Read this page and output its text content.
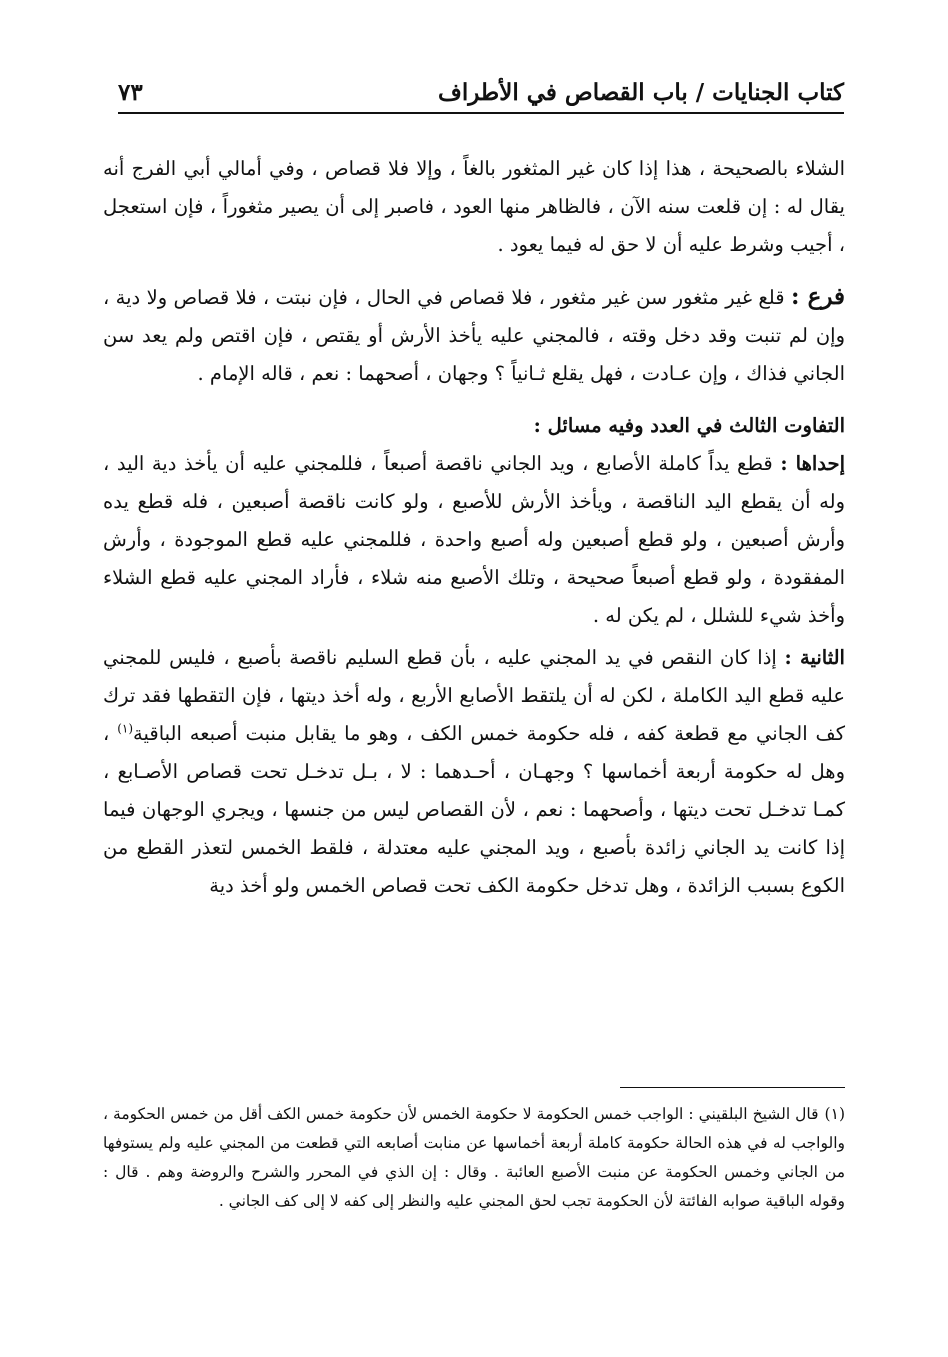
كتاب الجنايات / باب القصاص في الأطراف
٧٣

الشلاء بالصحيحة ، هذا إذا كان غير المثغور بالغاً ، وإلا فلا قصاص ، وفي أمالي أبي الفرج أنه يقال له : إن قلعت سنه الآن ، فالظاهر منها العود ، فاصبر إلى أن يصير مثغوراً ، فإن استعجل ، أجيب وشرط عليه أن لا حق له فيما يعود .

فرع : قلع غير مثغور سن غير مثغور ، فلا قصاص في الحال ، فإن نبتت ، فلا قصاص ولا دية ، وإن لم تنبت وقد دخل وقته ، فالمجني عليه يأخذ الأرش أو يقتص ، فإن اقتص ولم يعد سن الجاني فذاك ، وإن عـادت ، فهل يقلع ثـانياً ؟ وجهان ، أصحهما : نعم ، قاله الإمام .

التفاوت الثالث في العدد وفيه مسائل :

إحداها : قطع يداً كاملة الأصابع ، ويد الجاني ناقصة أصبعاً ، فللمجني عليه أن يأخذ دية اليد ، وله أن يقطع اليد الناقصة ، ويأخذ الأرش للأصبع ، ولو كانت ناقصة أصبعين ، فله قطع يده وأرش أصبعين ، ولو قطع أصبعين وله أصبع واحدة ، فللمجني عليه قطع الموجودة ، وأرش المفقودة ، ولو قطع أصبعاً صحيحة ، وتلك الأصبع منه شلاء ، فأراد المجني عليه قطع الشلاء وأخذ شيء للشلل ، لم يكن له .

الثانية : إذا كان النقص في يد المجني عليه ، بأن قطع السليم ناقصة بأصبع ، فليس للمجني عليه قطع اليد الكاملة ، لكن له أن يلتقط الأصابع الأربع ، وله أخذ ديتها ، فإن التقطها فقد ترك كف الجاني مع قطعة كفه ، فله حكومة خمس الكف ، وهو ما يقابل منبت أصبعه الباقية$^{(١)}$ ، وهل له حكومة أربعة أخماسها ؟ وجهـان ، أحـدهما : لا ، بـل تدخـل تحت قصاص الأصـابع ، كمـا تدخـل تحت ديتها ، وأصحهما : نعم ، لأن القصاص ليس من جنسها ، ويجري الوجهان فيما إذا كانت يد الجاني زائدة بأصبع ، ويد المجني عليه معتدلة ، فلقط الخمس لتعذر القطع من الكوع بسبب الزائدة ، وهل تدخل حكومة الكف تحت قصاص الخمس ولو أخذ دية

(١)قال الشيخ البلقيني : الواجب خمس الحكومة لا حكومة الخمس لأن حكومة خمس الكف أقل من خمس الحكومة ، والواجب له في هذه الحالة حكومة كاملة أربعة أخماسها عن منابت أصابعه التي قطعت من المجني عليه ولم يستوفها من الجاني وخمس الحكومة عن منبت الأصبع العائبة . وقال : إن الذي في المحرر والشرح والروضة وهم . قال : وقوله الباقية صوابه الفائتة لأن الحكومة تجب لحق المجني عليه والنظر إلى كفه لا إلى كف الجاني .
